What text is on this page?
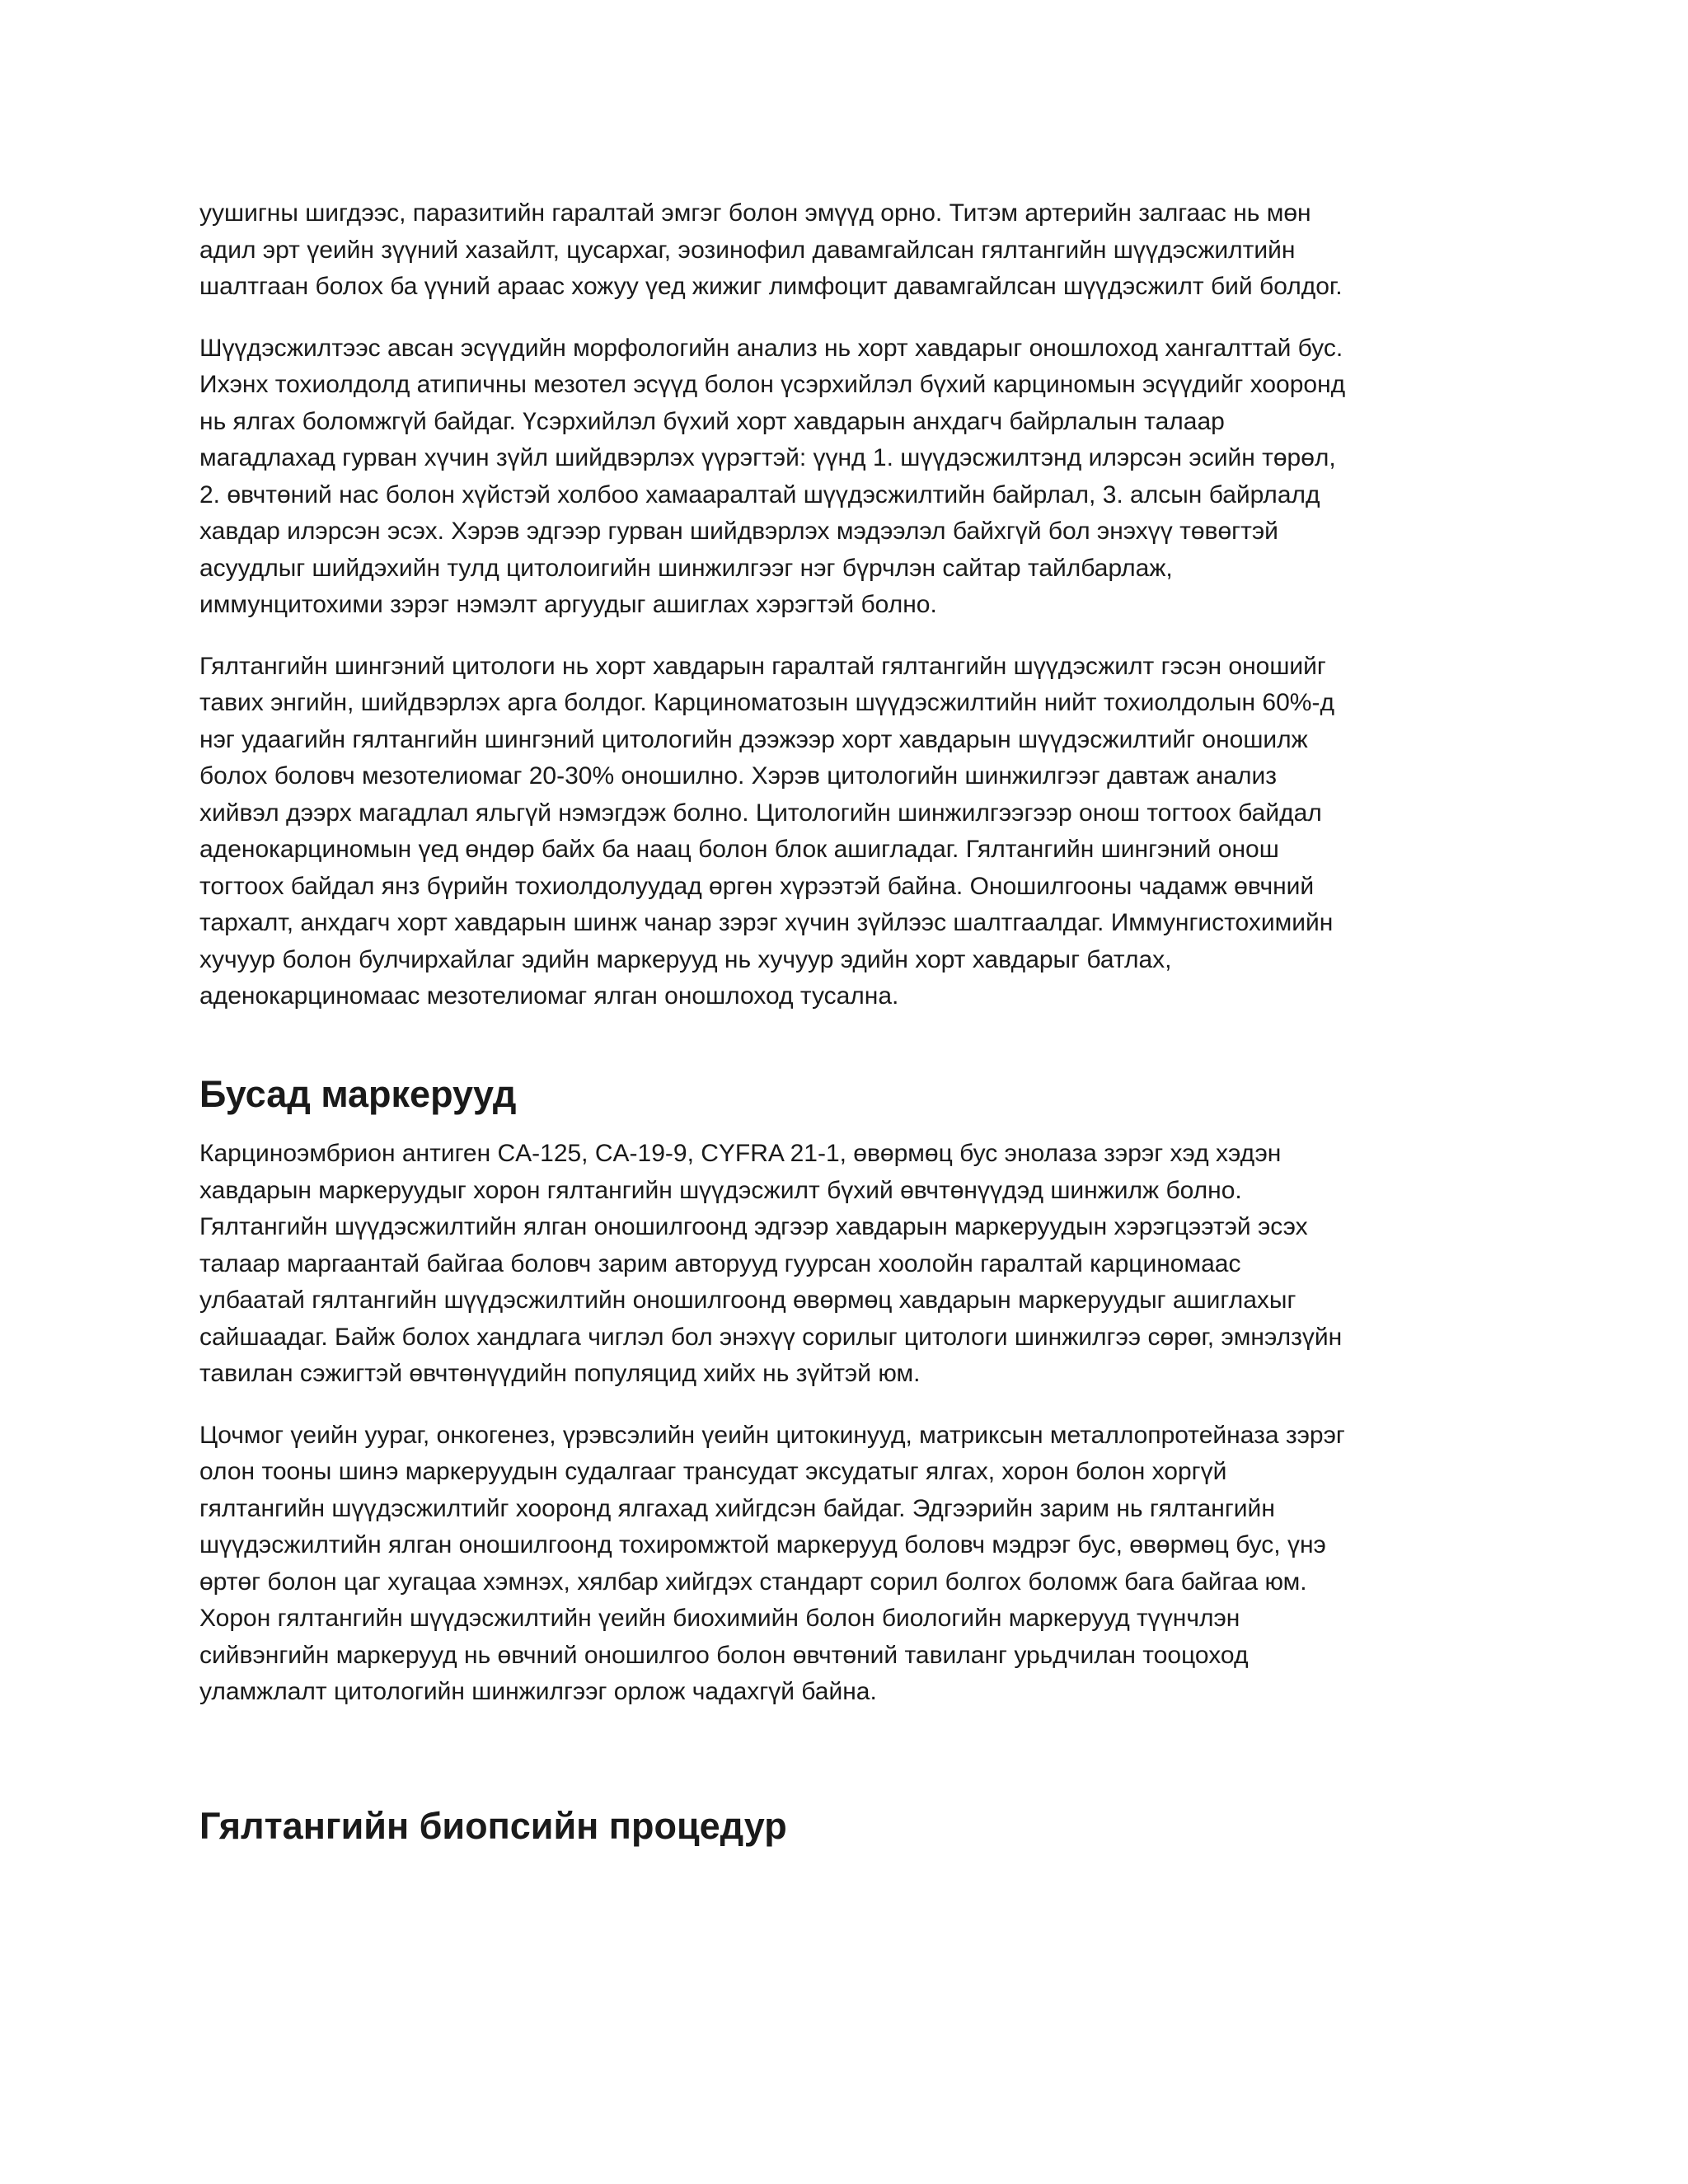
уушигны шигдээс, паразитийн гаралтай эмгэг болон эмүүд орно. Титэм артерийн залгаас нь мөн
адил эрт үеийн зүүний хазайлт, цусархаг, эозинофил давамгайлсан гялтангийн шүүдэсжилтийн
шалтгаан болох ба үүний араас хожуу үед жижиг лимфоцит давамгайлсан шүүдэсжилт бий болдог.

Шүүдэсжилтээс авсан эсүүдийн морфологийн анализ нь хорт хавдарыг оношлоход хангалттай бус.
Ихэнх тохиолдолд атипичны мезотел эсүүд болон үсэрхийлэл бүхий карциномын эсүүдийг хооронд
нь ялгах боломжгүй байдаг. Үсэрхийлэл бүхий хорт хавдарын анхдагч байрлалын талаар
магадлахад гурван хүчин зүйл шийдвэрлэх үүрэгтэй: үүнд 1. шүүдэсжилтэнд илэрсэн эсийн төрөл,
2. өвчтөний нас болон хүйстэй холбоо хамааралтай шүүдэсжилтийн байрлал, 3. алсын байрлалд
хавдар илэрсэн эсэх. Хэрэв эдгээр гурван шийдвэрлэх мэдээлэл байхгүй бол энэхүү төвөгтэй
асуудлыг шийдэхийн тулд цитолоигийн шинжилгээг нэг бүрчлэн сайтар тайлбарлаж,
иммунцитохими зэрэг нэмэлт аргуудыг ашиглах хэрэгтэй болно.

Гялтангийн шингэний цитологи нь хорт хавдарын гаралтай гялтангийн шүүдэсжилт гэсэн оношийг
тавих энгийн, шийдвэрлэх арга болдог. Карциноматозын шүүдэсжилтийн нийт тохиолдолын 60%-д
нэг удаагийн гялтангийн шингэний цитологийн дээжээр хорт хавдарын шүүдэсжилтийг оношилж
болох боловч мезотелиомаг 20-30% оношилно. Хэрэв цитологийн шинжилгээг давтаж анализ
хийвэл дээрх магадлал яльгүй нэмэгдэж болно. Цитологийн шинжилгээгээр онош тогтоох байдал
аденокарциномын үед өндөр байх ба наац болон блок ашигладаг. Гялтангийн шингэний онош
тогтоох байдал янз бүрийн тохиолдолуудад өргөн хүрээтэй байна. Оношилгооны чадамж өвчний
тархалт, анхдагч хорт хавдарын шинж чанар зэрэг хүчин зүйлээс шалтгаалдаг. Иммунгистохимийн
хучуур болон булчирхайлаг эдийн маркерууд нь хучуур эдийн хорт хавдарыг батлах,
аденокарциномаас мезотелиомаг ялган оношлоход тусална.

Бусад маркерууд

Карциноэмбрион антиген CA-125, CA-19-9, CYFRA 21-1, өвөрмөц бус энолаза зэрэг хэд хэдэн
хавдарын маркеруудыг хорон гялтангийн шүүдэсжилт бүхий өвчтөнүүдэд шинжилж болно.
Гялтангийн шүүдэсжилтийн ялган оношилгоонд эдгээр хавдарын маркеруудын хэрэгцээтэй эсэх
талаар маргаантай байгаа боловч зарим авторууд гуурсан хоолойн гаралтай карциномаас
улбаатай гялтангийн шүүдэсжилтийн оношилгоонд өвөрмөц хавдарын маркеруудыг ашиглахыг
сайшаадаг. Байж болох хандлага чиглэл бол энэхүү сорилыг цитологи шинжилгээ сөрөг, эмнэлзүйн
тавилан сэжигтэй өвчтөнүүдийн популяцид хийх нь зүйтэй юм.

Цочмог үеийн уураг, онкогенез, үрэвсэлийн үеийн цитокинууд, матриксын металлопротейназа зэрэг
олон тооны шинэ маркеруудын судалгааг трансудат эксудатыг ялгах, хорон болон хоргүй
гялтангийн шүүдэсжилтийг хооронд ялгахад хийгдсэн байдаг. Эдгээрийн зарим нь гялтангийн
шүүдэсжилтийн ялган оношилгоонд тохиромжтой маркерууд боловч мэдрэг бус, өвөрмөц бус, үнэ
өртөг болон цаг хугацаа хэмнэх, хялбар хийгдэх стандарт сорил болгох боломж бага байгаа юм.
Хорон гялтангийн шүүдэсжилтийн үеийн биохимийн болон биологийн маркерууд түүнчлэн
сийвэнгийн маркерууд нь өвчний оношилгоо болон өвчтөний тавиланг урьдчилан тооцоход
уламжлалт цитологийн шинжилгээг орлож чадахгүй байна.

Гялтангийн биопсийн процедур
